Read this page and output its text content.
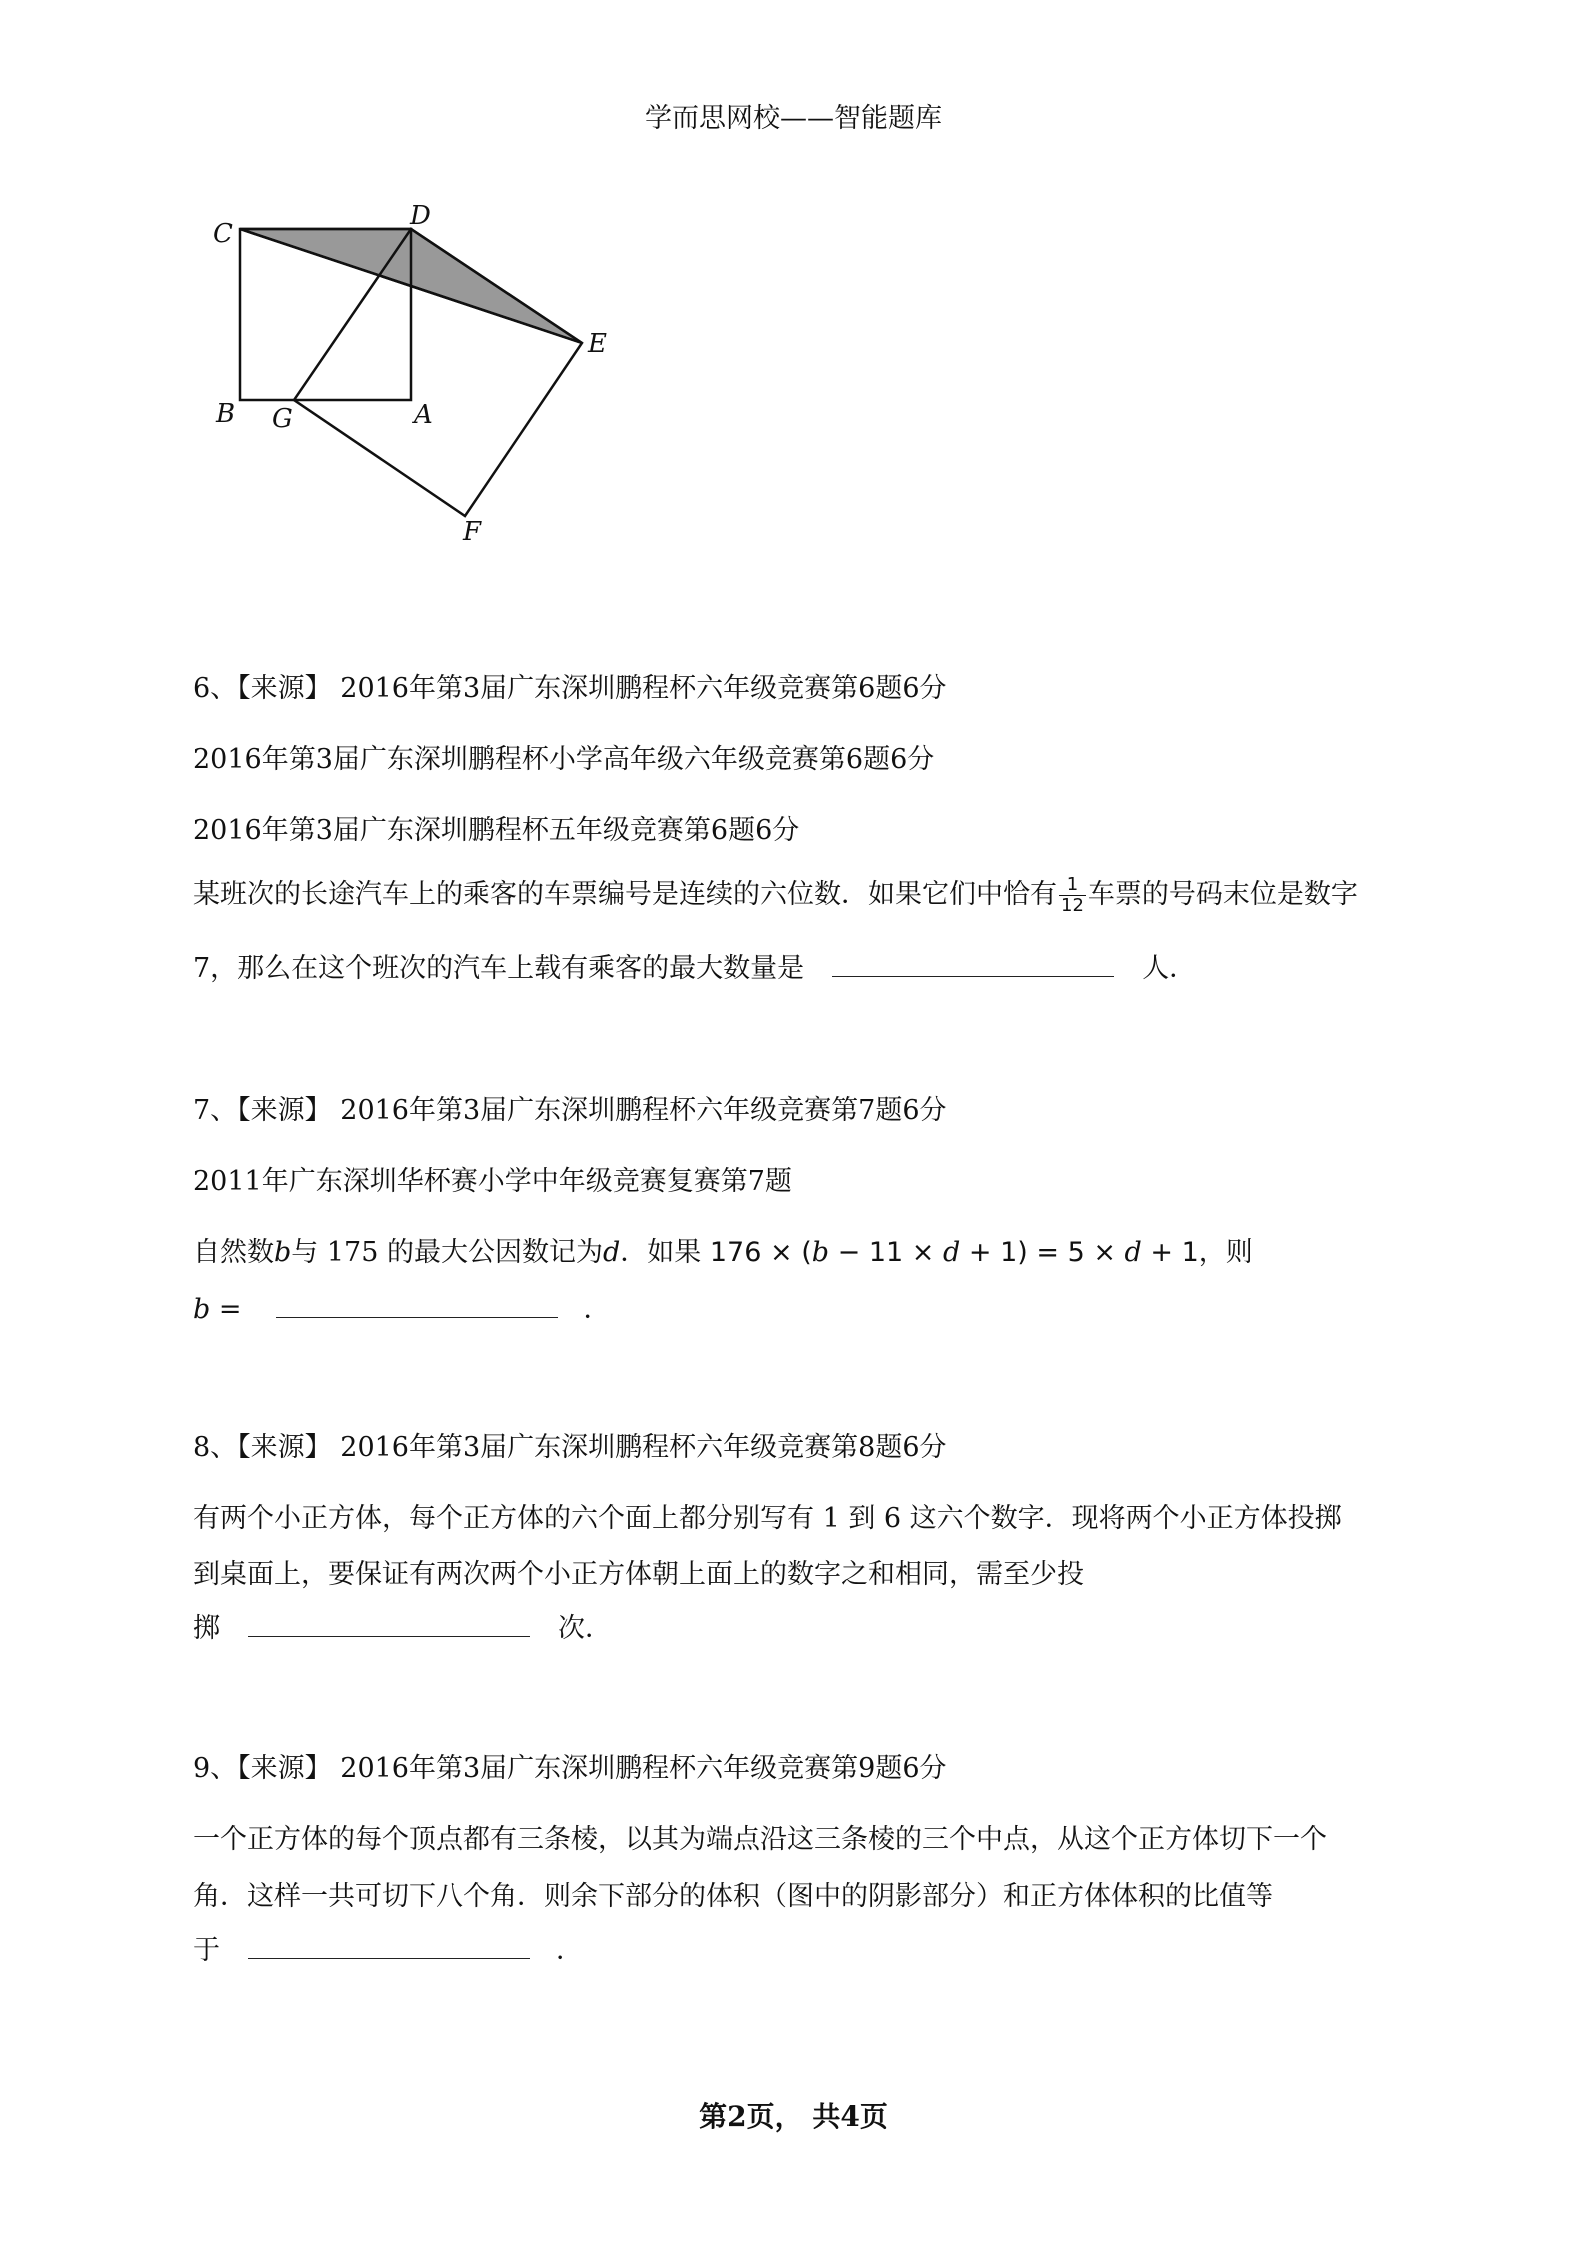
学而思网校——智能题库
C
D
E
B G	A
F
6、【来源】 2016年第3届广东深圳鹏程杯六年级竞赛第6题6分
2016年第3届广东深圳鹏程杯小学高年级六年级竞赛第6题6分
2016年第3届广东深圳鹏程杯五年级竞赛第6题6分
某班次的长途汽车上的乘客的车票编号是连续的六位数．如果它们中恰有 $\frac{1}{12}$ 车票的号码末位是数字
7，那么在这个班次的汽车上载有乘客的最大数量是	人．
7、【来源】 2016年第3届广东深圳鹏程杯六年级竞赛第7题6分
2011年广东深圳华杯赛小学中年级竞赛复赛第7题
自然数b与 175 的最大公因数记为d．如果 176 × (b − 11 × d + 1) = 5 × d + 1，则
b =	．
8、【来源】 2016年第3届广东深圳鹏程杯六年级竞赛第8题6分
有两个小正方体，每个正方体的六个面上都分别写有 1 到 6 这六个数字．现将两个小正方体投掷
到桌面上，要保证有两次两个小正方体朝上面上的数字之和相同，需至少投
掷	次．
9、【来源】 2016年第3届广东深圳鹏程杯六年级竞赛第9题6分
一个正方体的每个顶点都有三条棱，以其为端点沿这三条棱的三个中点，从这个正方体切下一个
角．这样一共可切下八个角．则余下部分的体积（图中的阴影部分）和正方体体积的比值等
于	．
第2页， 共4页
